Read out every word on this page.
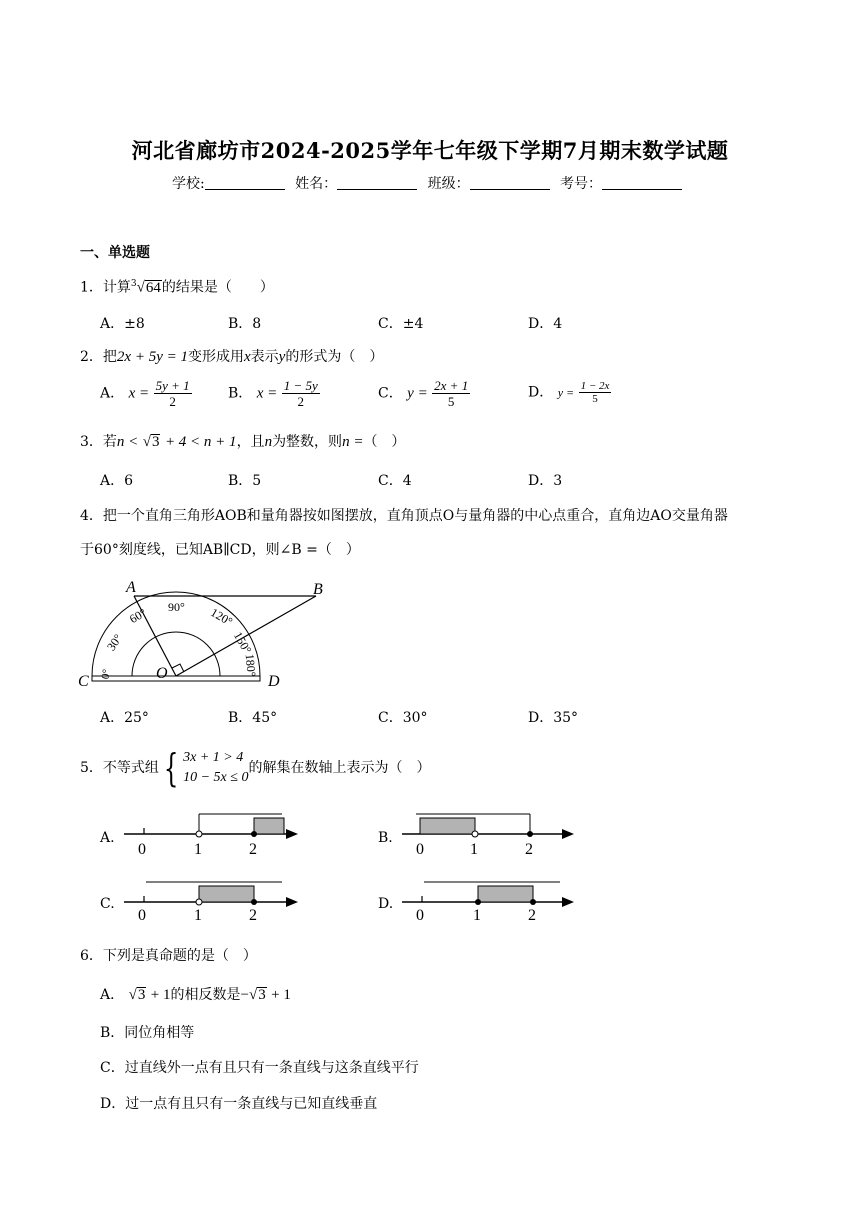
河北省廊坊市2024-2025学年七年级下学期7月期末数学试题
学校:	姓名：	班级：	考号：
一、单选题
1．计算$^3$√64的结果是（　　）
A．±8	B．8	C．±4	D．4
2．把2x + 5y = 1变形成用x表示y的形式为（　）
A． $x = \frac{5y + 1}{2}$	B． $x = \frac{1 - 5y}{2}$	C． $y = \frac{2x + 1}{5}$	D． $y = \frac{1 - 2x}{5}$
3．若n < √3 + 4 < n + 1，且n为整数，则n =（　）
A．6	B．5	C．4	D．3
4．把一个直角三角形AOB和量角器按如图摆放，直角顶点O与量角器的中心点重合，直角边AO交量角器
于60°刻度线，已知AB∥CD，则∠B =（　）
A	B
C	D
O
0°
30°
60° 90° 120°
150°
180°
A．25°	B．45°	C．30°	D．35°
5．不等式组 { 3x + 1 > 4
10 − 5x ≤ 0
的解集在数轴上表示为（　）
A.
0	1	2
B.
0	1	2
C.
0	1	2
D.
0	1	2
6．下列是真命题的是（　）
A． √3 + 1的相反数是−√3 + 1
B．同位角相等
C．过直线外一点有且只有一条直线与这条直线平行
D．过一点有且只有一条直线与已知直线垂直
